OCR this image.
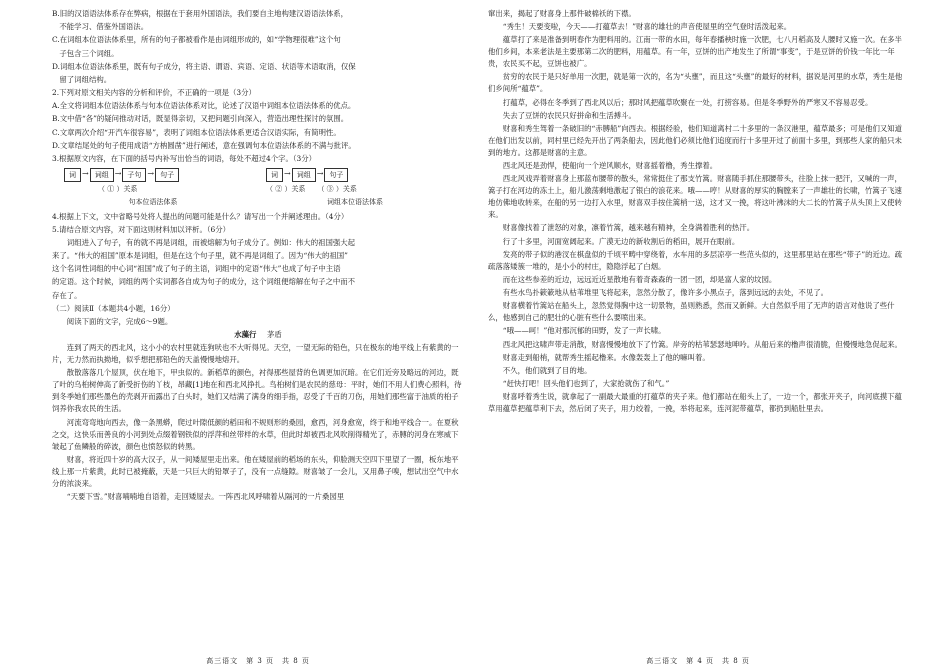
B.旧的汉语语法体系存在弊病，根据在于套用外国语法，我们要自主地构建汉语语法体系，

不能学习、借鉴外国语法。

C.在词组本位语法体系里，所有的句子都被看作是由词组形成的，如“学物理很难”这个句

子包含三个词组。

D.词组本位语法体系里，既有句子成分，将主语、谓语、宾语、定语、状语等术语取消，仅保

留了词组结构。

2.下列对原文相关内容的分析和评价，不正确的一项是（3分）

A.全文将词组本位语法体系与句本位语法体系对比，论述了汉语中词组本位语法体系的优点。

B.文中借“各”的疑问推动对话，既显得亲切，又把问题引向深入，营造出理性探讨的氛围。

C.文章两次介绍“开汽车很容易”，表明了词组本位语法体系更适合汉语实际，有简明性。

D.文章结尾处的句子使用成语“方枘圆凿”进行阐述，意在强调句本位语法体系的不满与批评。

3.根据原文内容，在下面的括号内补写出恰当的词语，每处不超过4个字。（3分）

词 → 词组 → 子句 → 句子
（ ① ）关系
句本位语法体系
词 → 词组 → 句子
（ ② ）关系 （ ③ ）关系
词组本位语法体系

4.根据上下文，文中省略号处将人提出的问题可能是什么？请写出一个并阐述理由。（4分）

5.请结合原文内容，对下面这则材料加以评析。（6分）

词组进入了句子，有的就不再是词组，而被熔解为句子成分了。例如：伟大的祖国强大起

来了。“伟大的祖国”原本是词组，但是在这个句子里，就不再是词组了。因为“伟大的祖国”

这个名词性词组的中心词“祖国”成了句子的主语，词组中的定语“伟大”也成了句子中主语

的定语。这个时候，词组的两个实词都各自成为句子的成分，这个词组便熔解在句子之中而不

存在了。

（二）阅读Ⅱ（本题共4小题，16分）

阅读下面的文字，完成6～9题。

水藻行 茅盾

连到了两天的西北风，这小小的农村里就连狗吠也不大听得见。天空，一望无际的铅色，只在极东的地平线上有紫黄的一片，无力然而执拗地，似乎想把那铅色的天盖慢慢地熔开。

散散落落几个屋顶，伏在地下，甲虫似的。新稻草的颜色，衬得那些屋背的色调更加沉暗。在它们近旁及略远的河边，既了叶的乌桕树伸高了新受折伤的丫枝，昂藏[1]地在和西北风挣扎。鸟桕树们是农民的慈母：平时，她们不用人们费心照料，待到冬季她们那些墨色的壳剥开而露出了白头时，她们又结满了满身的细手指，忍受了千百的刀伤，用她们那些富于油质的桕子饲养你我农民的生活。

河流弯弯地向西去，像一条黑蟒，爬过叶隙低颜的稻田和不规则形的桑园，愈西，河身愈宽，终于和地平线合一。在夏秋之交，这快乐而善良的小河到处点缀着钢铁似的浮萍和丝带样的水草，但此时却被西北风吹削得精光了，赤膊的河身在寒威下皱起了鱼鳞般的碎波，颜色也愤怒似的转黑。

财喜，将近四十岁的高大汉子，从一间矮屋里走出来。他在矮屋前的稻场的东头，仰脸测天空四下里望了一圈，板东地平线上那一片紫黄，此时已被掩蔽，天是一只巨大的铅罩子了，没有一点缝隙。财喜皱了一会儿，又用鼻子嗅，想试出空气中水分的浓淡来。

“天要下雪。”财喜喃喃地自语着，走回矮屋去。一阵西北风呼啸着从隔河的一片桑园里

高三语文　第 3 页　共 8 页

窜出来，揭起了财喜身上那件破棉袄的下襟。

“秀生！天要变啦，今天——打蕴草去！”财喜的雄壮的声音使屋里的空气登时活泼起来。

蕴草打了来是准备到明春作为肥料用的。江南一带的水田，每年春播秧时施一次肥，七八月稻高及人腰时又施一次。在多半他们乡间，本来老法是主要那第二次的肥料，用蕴草。有一年，豆饼的出产地发生了所谓“事变”，于是豆饼的价钱一年比一年贵，农民买不起，豆饼也被广。

贫穷的农民于是只好单用一次肥，就是第一次的，名为“头壅”，而且这“头壅”的最好的材料，据说是河里的水草，秀生是他们乡间所“蕴草”。

打蕴草，必得在冬季到了西北风以后；那时风把蕴草吹聚在一处，打捞容易。但是冬季野外的严寒又不容易忍受。

失去了豆饼的农民只好拼命和生活搏斗。

财喜和秀生驾着一条破旧的“赤膊船”向西去。根据经验，他们知道离村二十多里的一条汉港里，蕴草最多；可是他们又知道在他们出发以前，同村里已经先开出了两条船去，因此他们必须比他们追度而行十多里开过了前面十多里，到那些人家的船只未到的地方。这都是财喜的主意。

西北风还是劲悍，使船向一个逆风顺水，财喜摇着橹，秀生撑着。

西北风戏弄着财喜身上那蓝布腰带的散头，常常挺住了那支竹篙。财喜随手抓住那腰带头，往脸上抹一把汗，又喊的一声，篙子打在河边的冻土上，船儿激荡剩地激起了银白的浪花来。哦——哼！从财喜的厚实的胸膛来了一声雄壮的长啸，竹篙子飞速地仿佛地收转来，在船的另一边打入水里，财喜双手按住篙梢一送，这才又一挽，将这叶沸沫的大二长的竹篙子从头顶上又使转来。

财喜像找着了泄怒的对象，凛着竹篙，越来越有精神，全身满着胜利的热汗。

行了十多里，河面宽阔起来。广漠无边的新收割后的稻田，展开在眼前。

发亮的带子似的港汊在棋盘似的千顷平畴中穿绕着，水车用的多层凉亭一些范头似的，这里那里站在那些“带子”的近边。疏疏落落矮簇一堆的，是小小的村庄，隐隐浮起了白烟。

而在这些参差的近边，远远近近星散地有着奇森森的一团一团，却是富人家的坟园。

有些水鸟扑簌簌地从枯苇堆里飞将起来，忽然分散了，像许多小黑点子，落到远远的去处，不见了。

财喜横着竹篙站在船头上，忽然觉得胸中这一切景物，虽则熟悉，然而又新鲜。大自然似乎用了无声的语言对他说了些什么，他感到自己的肥壮的心脏有些什么要喷出来。

“哦——呵！”他对那沉郁的田野，发了一声长啸。

西北风把这啸声带走消散，财喜慢慢地放下了竹篙。岸旁的枯苇瑟瑟地呻吟。从船后来的橹声很清脆，但慢慢地急促起来。

财喜走到船梢，就帮秀生摇起橹来。水像轰轰上了他的嘛叫着。

不久，他们就到了目的地。

“赶快打吧！回头他们也到了，大家抢就伤了和气。”

财喜呼着秀生说，就拿起了一副最大最重的打蕴草的夹子来。他们都站在船头上了，一边一个，都张开夹子，向河底摸下蕴草用蕴草把蕴草利下去，然后闭了夹子，用力绞着，一挽，举将起来，连河泥带蕴草，都扔到船肚里去。

高三语文　第 4 页　共 8 页
